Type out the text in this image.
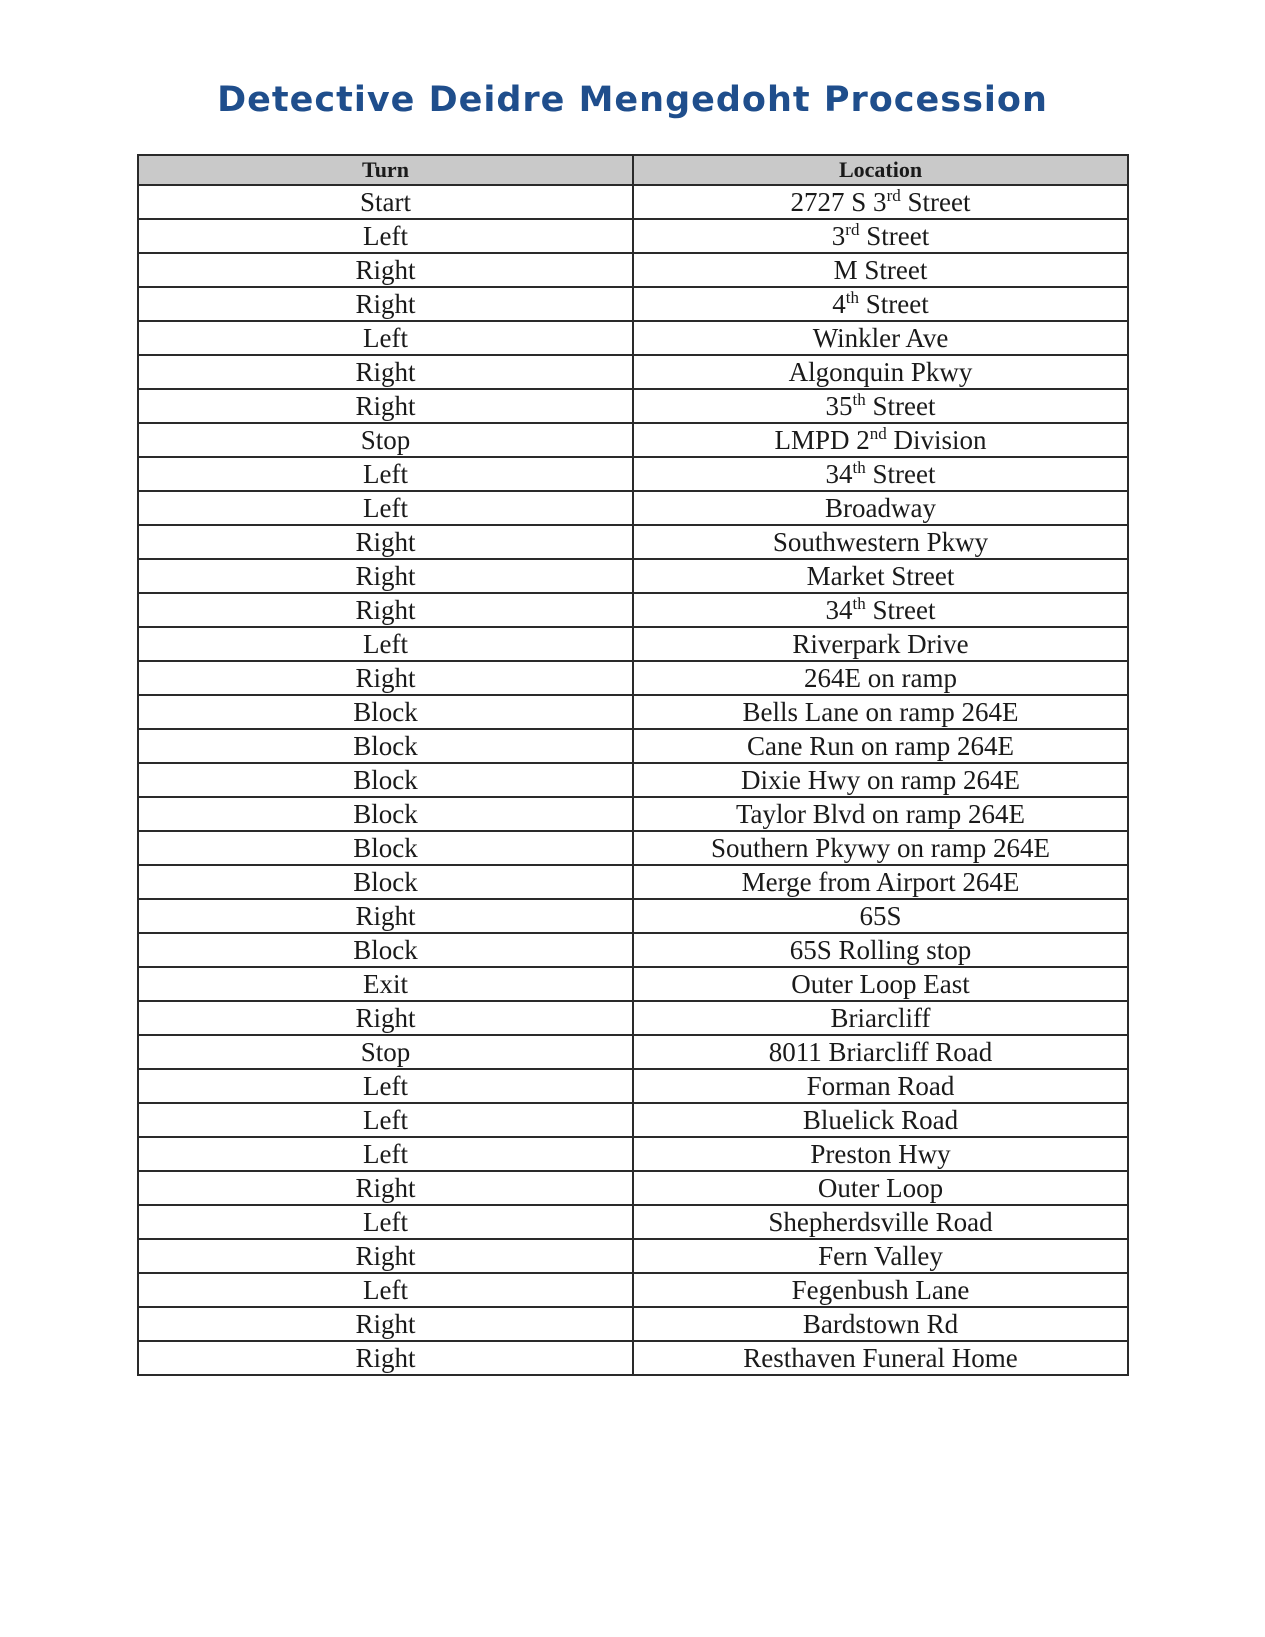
Detective Deidre Mengedoht Procession
Turn	Location
Start	2727 S 3rd Street
Left	3rd Street
Right	M Street
Right	4th Street
Left	Winkler Ave
Right	Algonquin Pkwy
Right	35th Street
Stop	LMPD 2nd Division
Left	34th Street
Left	Broadway
Right	Southwestern Pkwy
Right	Market Street
Right	34th Street
Left	Riverpark Drive
Right	264E on ramp
Block	Bells Lane on ramp 264E
Block	Cane Run on ramp 264E
Block	Dixie Hwy on ramp 264E
Block	Taylor Blvd on ramp 264E
Block	Southern Pkywy on ramp 264E
Block	Merge from Airport 264E
Right	65S
Block	65S Rolling stop
Exit	Outer Loop East
Right	Briarcliff
Stop	8011 Briarcliff Road
Left	Forman Road
Left	Bluelick Road
Left	Preston Hwy
Right	Outer Loop
Left	Shepherdsville Road
Right	Fern Valley
Left	Fegenbush Lane
Right	Bardstown Rd
Right	Resthaven Funeral Home
